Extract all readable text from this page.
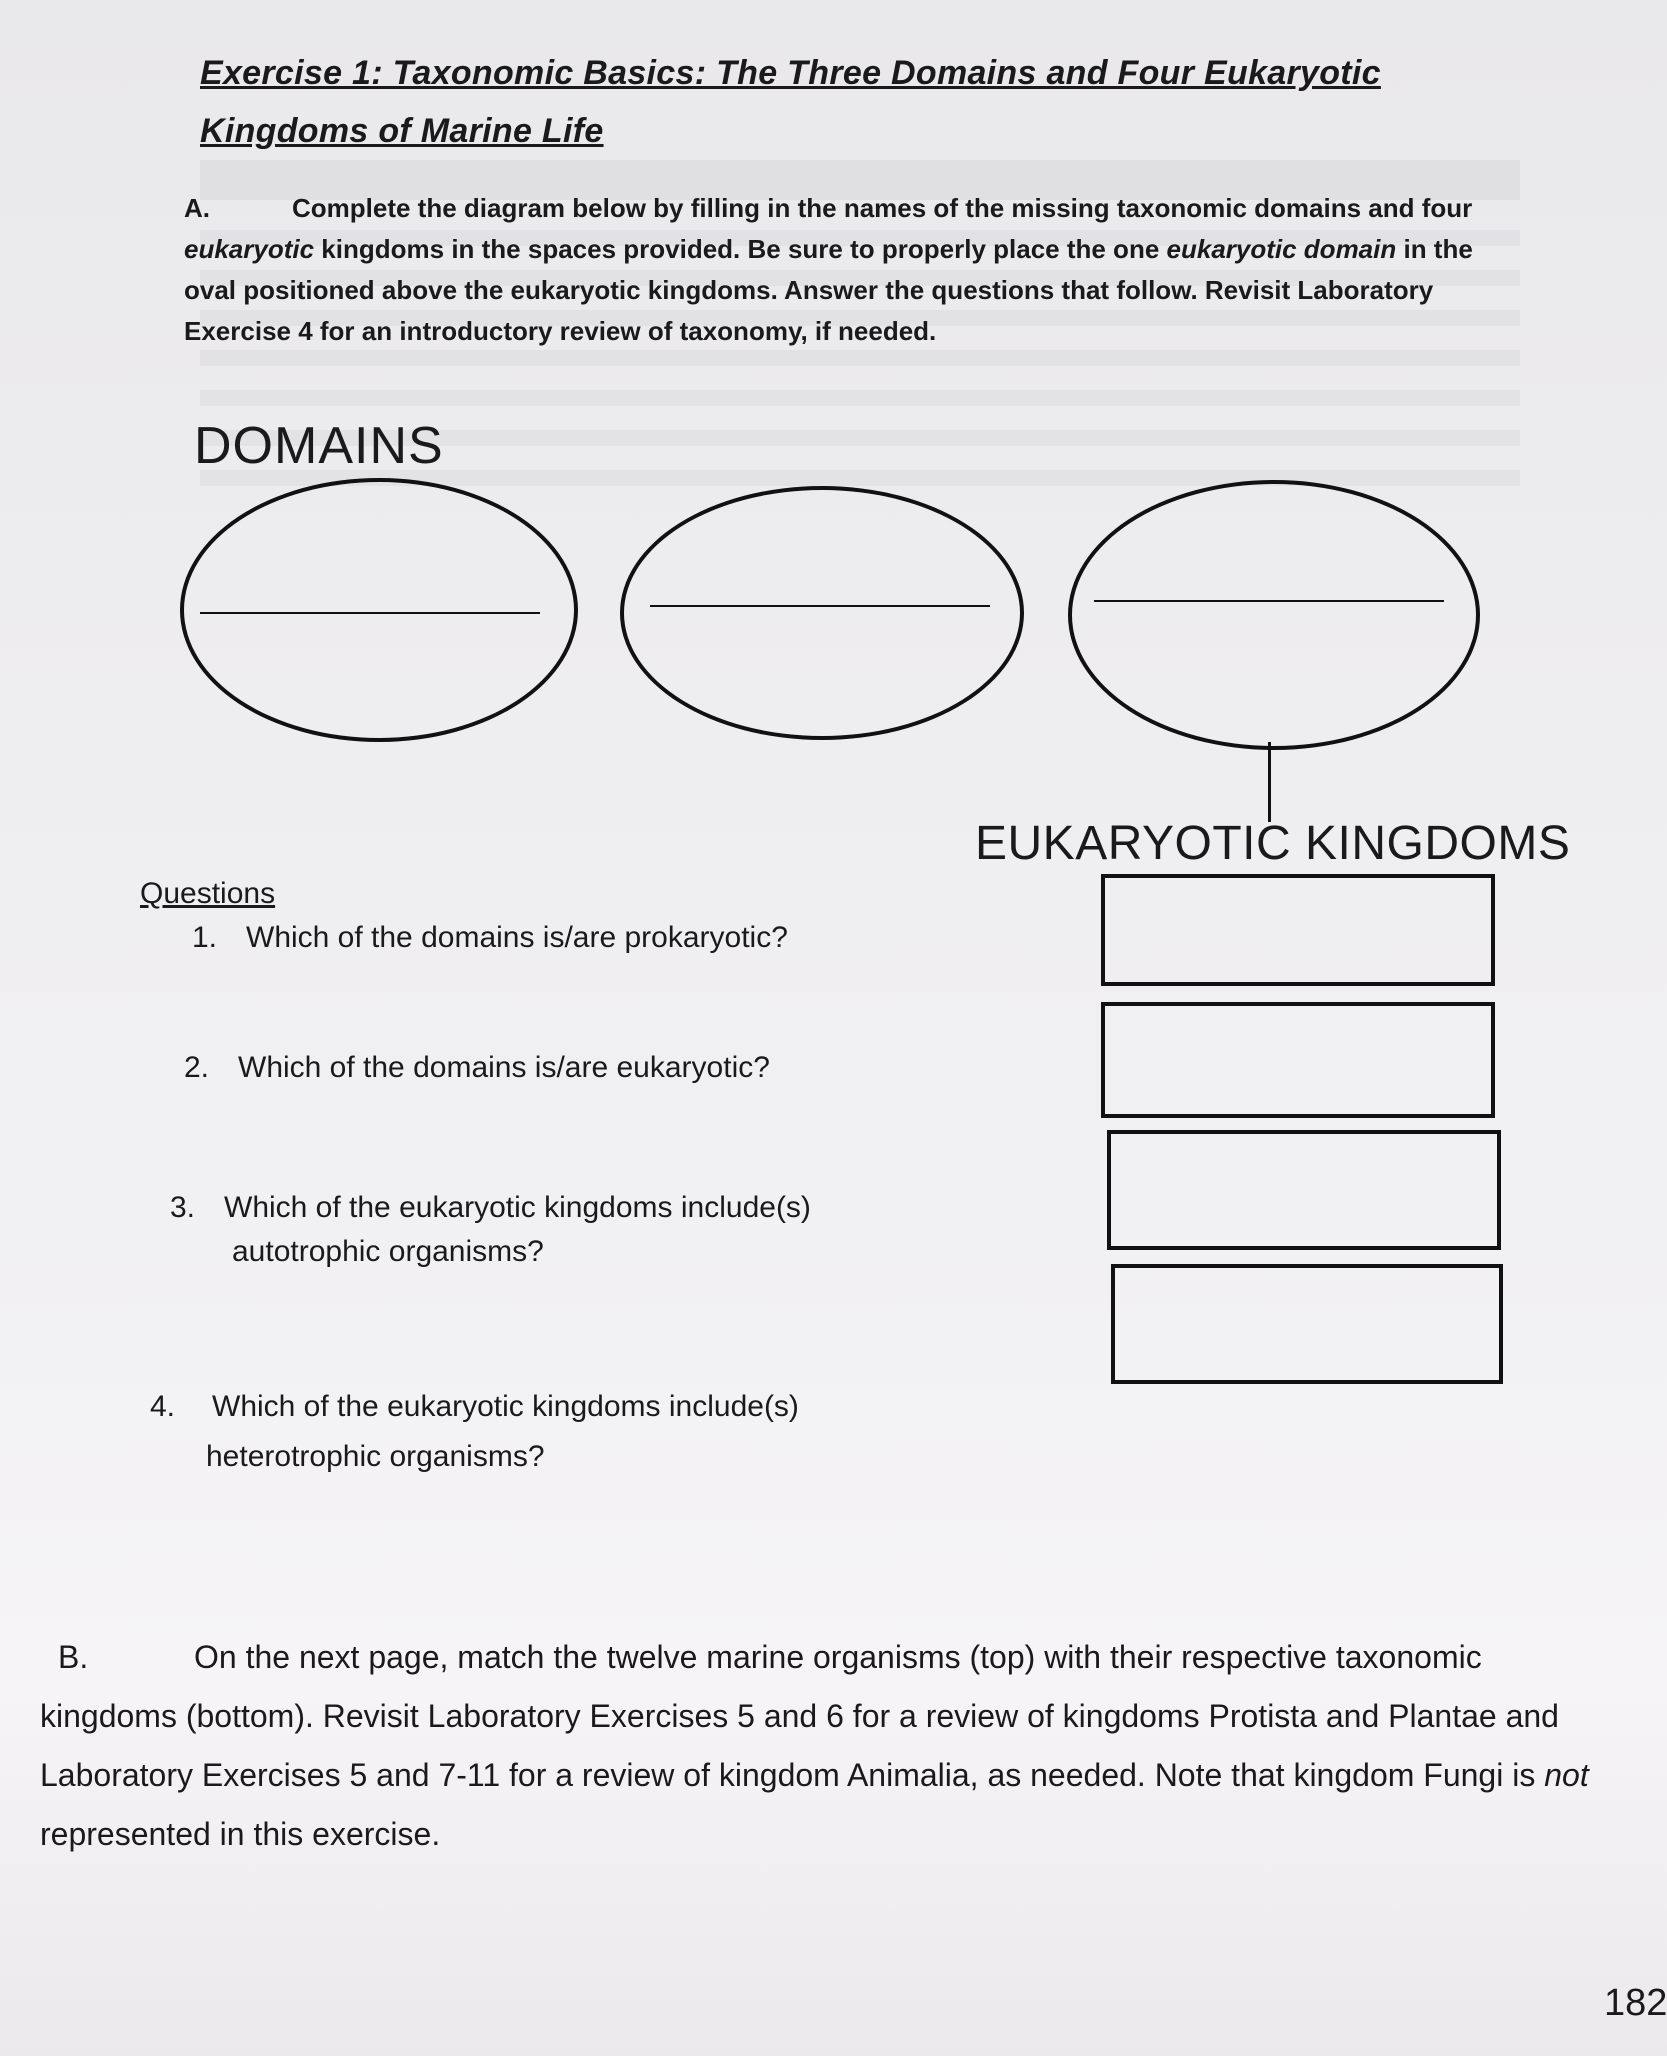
Exercise 1: Taxonomic Basics: The Three Domains and Four Eukaryotic
Kingdoms of Marine Life
A.	Complete the diagram below by filling in the names of the missing taxonomic domains and four eukaryotic kingdoms in the spaces provided. Be sure to properly place the one eukaryotic domain in the oval positioned above the eukaryotic kingdoms. Answer the questions that follow. Revisit Laboratory Exercise 4 for an introductory review of taxonomy, if needed.
DOMAINS
EUKARYOTIC KINGDOMS
Questions
1. Which of the domains is/are prokaryotic?
2. Which of the domains is/are eukaryotic?
3. Which of the eukaryotic kingdoms include(s)
autotrophic organisms?
4. Which of the eukaryotic kingdoms include(s)
heterotrophic organisms?
B.	On the next page, match the twelve marine organisms (top) with their respective taxonomic kingdoms (bottom). Revisit Laboratory Exercises 5 and 6 for a review of kingdoms Protista and Plantae and Laboratory Exercises 5 and 7-11 for a review of kingdom Animalia, as needed. Note that kingdom Fungi is not represented in this exercise.
182
